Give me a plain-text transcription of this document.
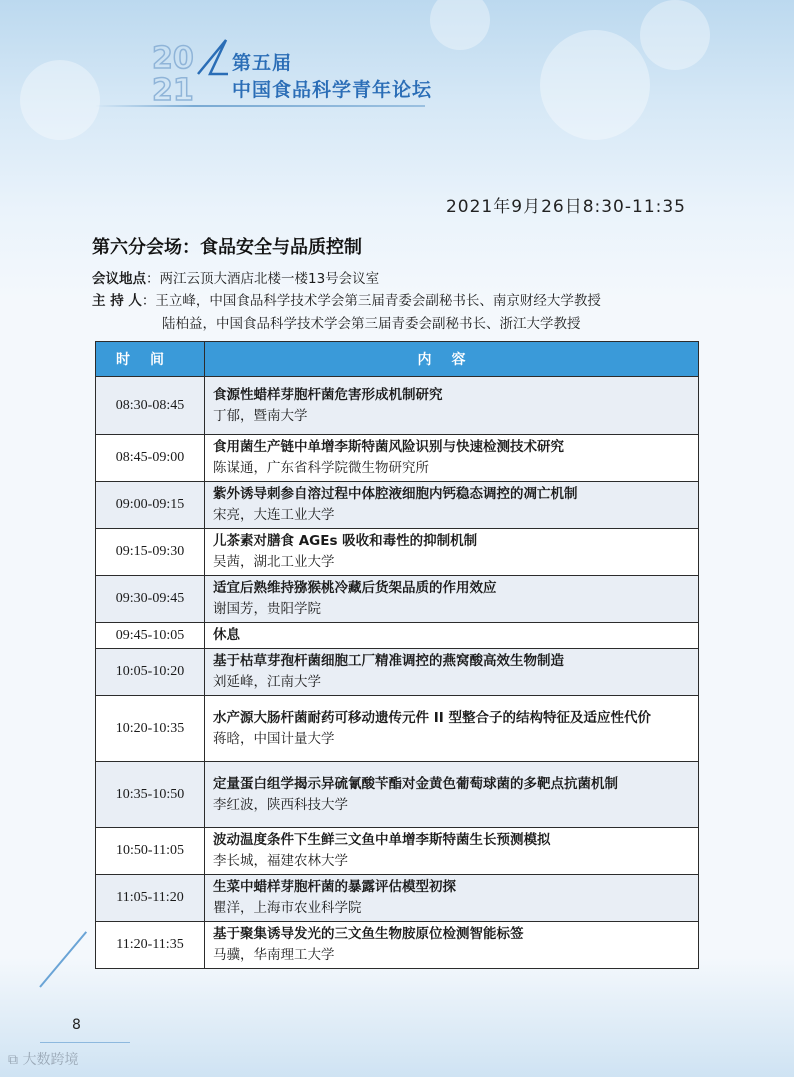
20
21
第五届
中国食品科学青年论坛
2021年9月26日8:30-11:35
第六分会场：食品安全与品质控制
会议地点：两江云顶大酒店北楼一楼13号会议室
主 持 人：王立峰，中国食品科学技术学会第三届青委会副秘书长、南京财经大学教授
陆柏益，中国食品科学技术学会第三届青委会副秘书长、浙江大学教授
时间	内容
08:30-08:45	食源性蜡样芽胞杆菌危害形成机制研究
丁郁，暨南大学

08:45-09:00	食用菌生产链中单增李斯特菌风险识别与快速检测技术研究
陈谋通，广东省科学院微生物研究所

09:00-09:15	紫外诱导刺参自溶过程中体腔液细胞内钙稳态调控的凋亡机制
宋亮，大连工业大学

09:15-09:30	儿茶素对膳食 AGEs 吸收和毒性的抑制机制
吴茜，湖北工业大学

09:30-09:45	适宜后熟维持猕猴桃冷藏后货架品质的作用效应
谢国芳，贵阳学院

09:45-10:05	休息

10:05-10:20	基于枯草芽孢杆菌细胞工厂精准调控的燕窝酸高效生物制造
刘延峰，江南大学

10:20-10:35	水产源大肠杆菌耐药可移动遗传元件 II 型整合子的结构特征及适应性代价
蒋晗，中国计量大学

10:35-10:50	定量蛋白组学揭示异硫氰酸苄酯对金黄色葡萄球菌的多靶点抗菌机制
李红波，陕西科技大学

10:50-11:05	波动温度条件下生鲜三文鱼中单增李斯特菌生长预测模拟
李长城，福建农林大学

11:05-11:20	生菜中蜡样芽胞杆菌的暴露评估模型初探
瞿洋，上海市农业科学院

11:20-11:35	基于聚集诱导发光的三文鱼生物胺原位检测智能标签
马骥，华南理工大学
8
⧉ 大数跨境
